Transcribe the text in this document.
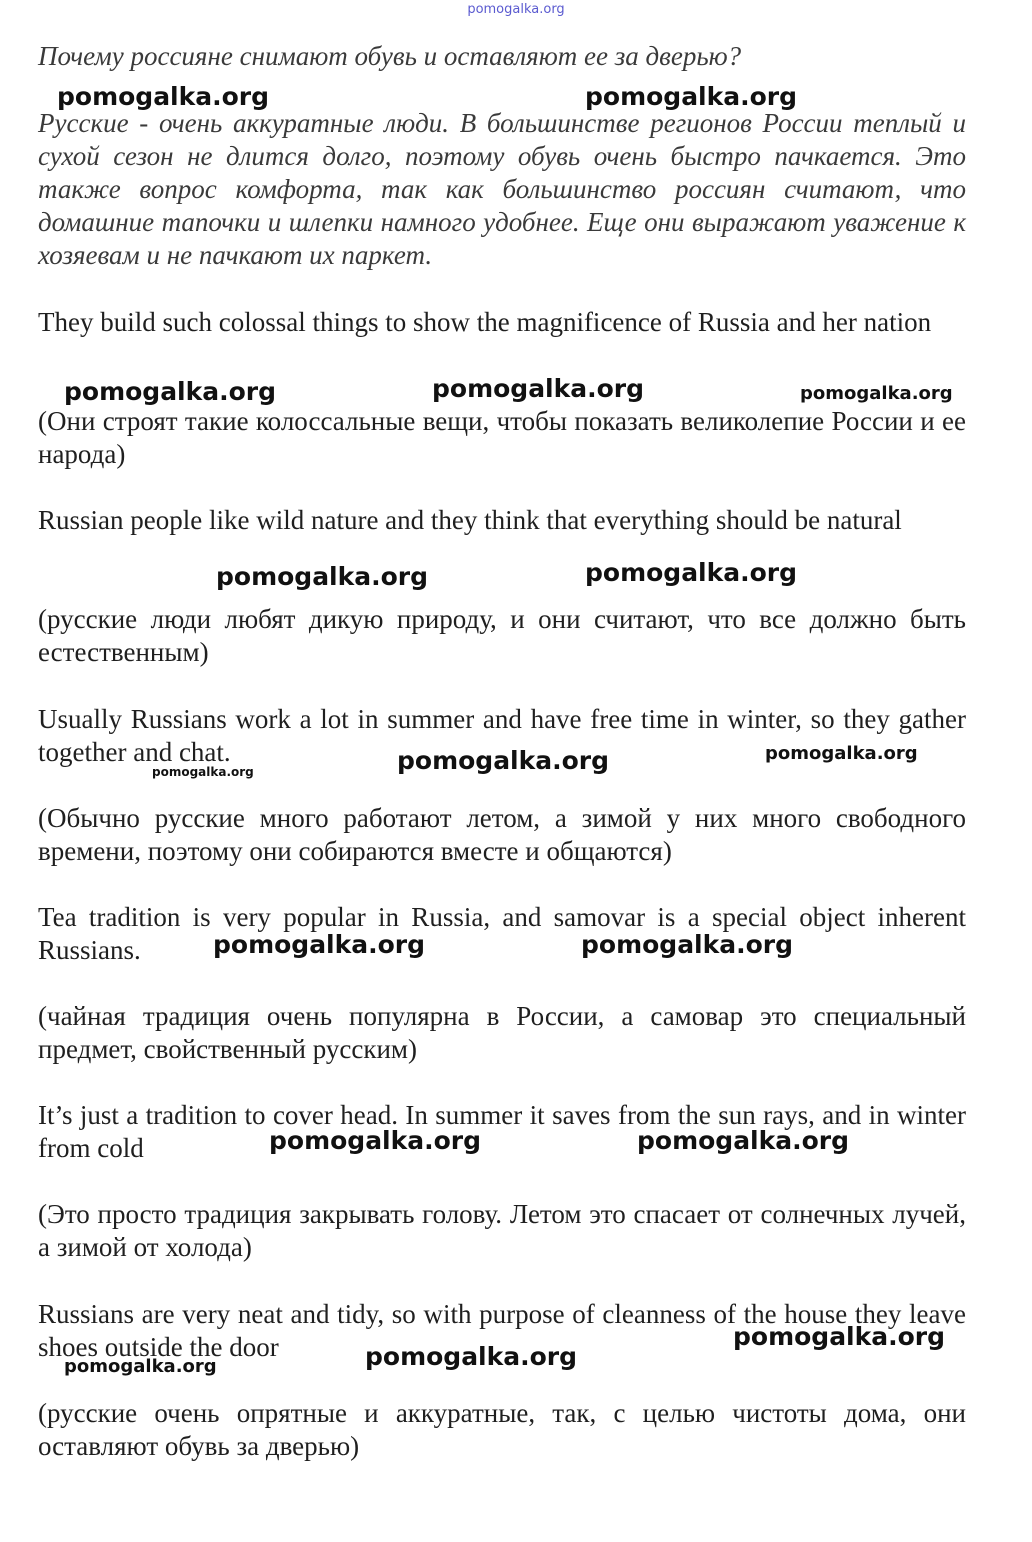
pomogalka.org

Почему россияне снимают обувь и оставляют ее за дверью?

Русские - очень аккуратные люди. В большинстве регионов России теплый и сухой сезон не длится долго, поэтому обувь очень быстро пачкается. Это также вопрос комфорта, так как большинство россиян считают, что домашние тапочки и шлепки намного удобнее. Еще они выражают уважение к хозяевам и не пачкают их паркет.

They build such colossal things to show the magnificence of Russia and her nation

(Они строят такие колоссальные вещи, чтобы показать великолепие России и ее народа)

Russian people like wild nature and they think that everything should be natural

(русские люди любят дикую природу, и они считают, что все должно быть естественным)

Usually Russians work a lot in summer and have free time in winter, so they gather together and chat.

(Обычно русские много работают летом, а зимой у них много свободного времени, поэтому они собираются вместе и общаются)

Tea tradition is very popular in Russia, and samovar is a special object inherent Russians.

(чайная традиция очень популярна в России, а самовар это специальный предмет, свойственный русским)

It’s just a tradition to cover head. In summer it saves from the sun rays, and in winter from cold

(Это просто традиция закрывать голову. Летом это спасает от солнечных лучей, а зимой от холода)

Russians are very neat and tidy, so with purpose of cleanness of the house they leave shoes outside the door

(русские очень опрятные и аккуратные, так, с целью чистоты дома, они оставляют обувь за дверью)

pomogalka.org	pomogalka.org
pomogalka.org	pomogalka.org	pomogalka.org
pomogalka.org	pomogalka.org
pomogalka.org	pomogalka.org
pomogalka.org
pomogalka.org	pomogalka.org
pomogalka.org	pomogalka.org
pomogalka.org
pomogalka.org
pomogalka.org
